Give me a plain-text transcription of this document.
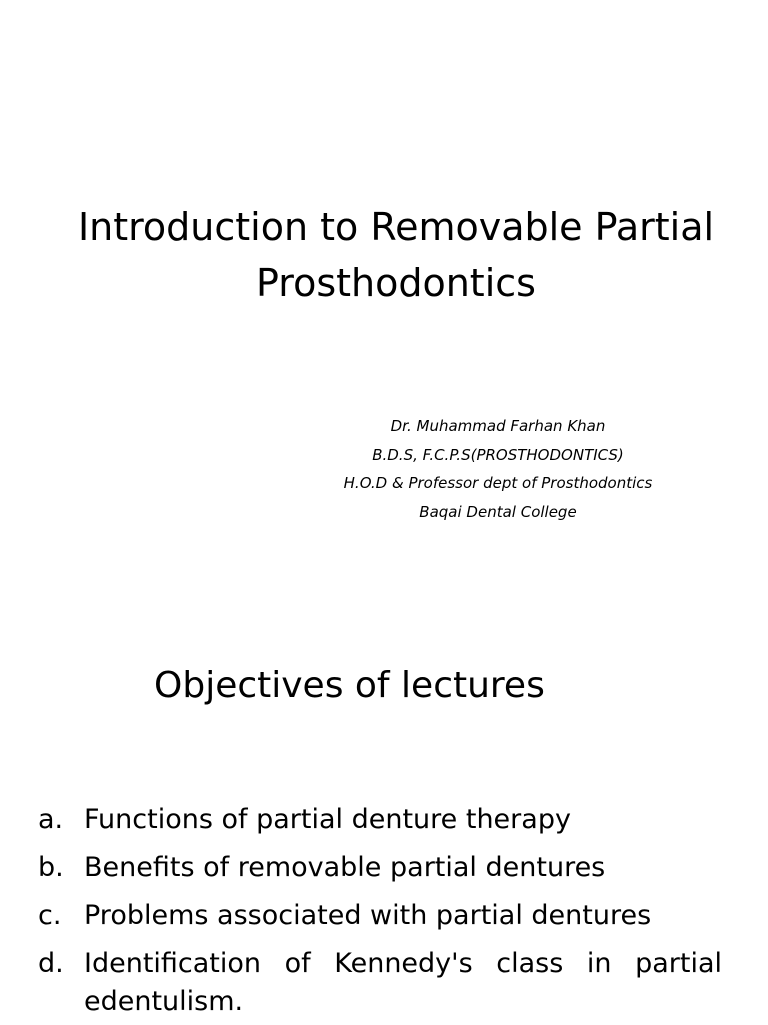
Introduction to Removable Partial
Prosthodontics
Dr. Muhammad Farhan Khan
B.D.S, F.C.P.S(PROSTHODONTICS)
H.O.D & Professor dept of Prosthodontics
Baqai Dental College
Objectives of lectures
a. Functions of partial denture therapy
b. Benefits of removable partial dentures
c. Problems associated with partial dentures
d. Identification of Kennedy's class in partial edentulism.
